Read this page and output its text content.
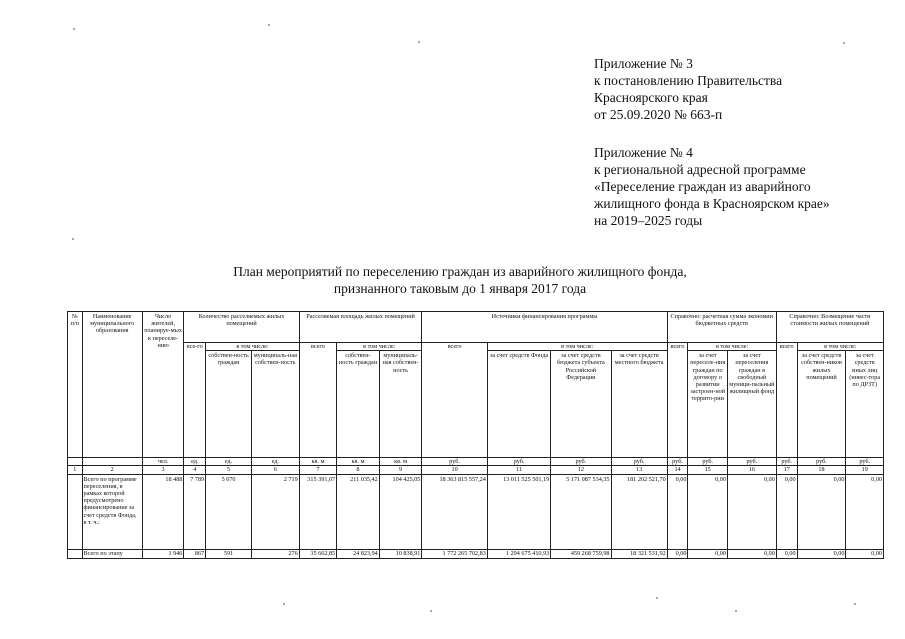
Приложение № 3
к постановлению Правительства
Красноярского края
от 25.09.2020 № 663-п
Приложение № 4
к региональной адресной программе
«Переселение граждан из аварийного
жилищного фонда в Красноярском крае»
на 2019–2025 годы
План мероприятий по переселению граждан из аварийного жилищного фонда,
признанного таковым до 1 января 2017 года
№ п/п	Наименование муниципального образования	Число жителей, планируе-мых к переселе-нию	Количество расселяемых жилых помещений			Расселяемая площадь жилых помещений			Источники финансирования программы				Справочно: расчетная сумма экономии бюджетных средств			Справочно: Возмещение части стоимости жилых помещений		
			все-го	в том числе:		всего	в том числе:		всего	в том числе:			всего	в том числе:		всего	в том числе:	
				собствен-ность граждан	муниципаль-ная собствен-ность		собствен-ность граждан	муниципаль-ная собствен-ность		за счет средств Фонда	за счет средств бюджета субъекта Российской Федерации	за счет средств местного бюджета		за счет переселе-ния граждан по договору о развитии застроен-ной террито-рии	за счет переселения граждан в свободный муници-пальный жилищный фонд		за счет средств собствен-ников жилых помещений	за счет средств иных лиц (инвес-тора по ДРЗТ)
		чел.	ед.	ед.	ед.	кв. м	кв. м	кв. м	руб.	руб.	руб.	руб.	руб.	руб.	руб.	руб.	руб.	руб.
1	2	3	4	5	6	7	8	9	10	11	12	13	14	15	16	17	18	19
	Всего по программе переселения, в рамках которой предусмотрено финансирование за счет средств Фонда, в т. ч.:	18 488	7 789	5 070	2 719	315 391,07	211 035,42	104 425,05	18 363 815 557,24	13 011 525 501,19	5 171 087 534,35	181 202 521,70	0,00	0,00	0,00	0,00	0,00	0,00
	Всего по этапу	1 946	867	591	276	35 662,85	24 823,94	10 838,91	1 772 265 702,83	1 294 675 410,93	459 268 759,98	18 321 531,92	0,00	0,00	0,00	0,00	0,00	0,00
